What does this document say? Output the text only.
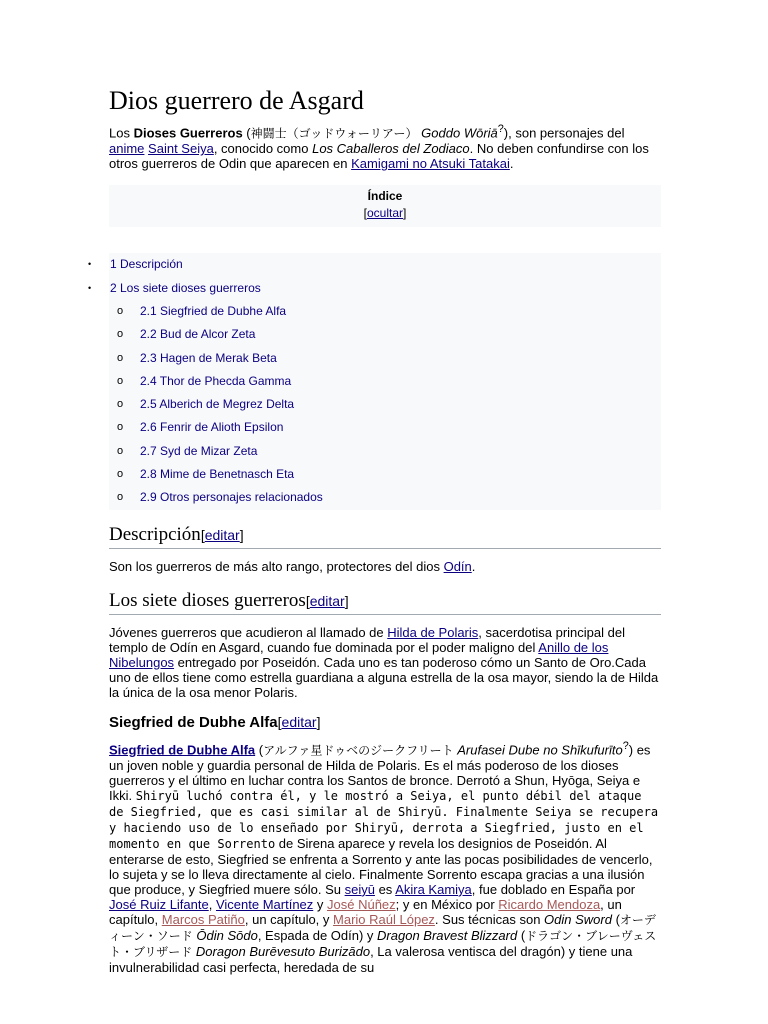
Dios guerrero de Asgard

Los Dioses Guerreros (神闘士（ゴッドウォーリアー） Goddo Wōriā?), son personajes del anime Saint Seiya, conocido como Los Caballeros del Zodiaco. No deben confundirse con los otros guerreros de Odin que aparecen en Kamigami no Atsuki Tatakai.

Índice
[ocultar]
• 1 Descripción
• 2 Los siete dioses guerreros
o 2.1 Siegfried de Dubhe Alfa
o 2.2 Bud de Alcor Zeta
o 2.3 Hagen de Merak Beta
o 2.4 Thor de Phecda Gamma
o 2.5 Alberich de Megrez Delta
o 2.6 Fenrir de Alioth Epsilon
o 2.7 Syd de Mizar Zeta
o 2.8 Mime de Benetnasch Eta
o 2.9 Otros personajes relacionados
Descripción[editar]

Son los guerreros de más alto rango, protectores del dios Odín.

Los siete dioses guerreros[editar]

Jóvenes guerreros que acudieron al llamado de Hilda de Polaris, sacerdotisa principal del templo de Odín en Asgard, cuando fue dominada por el poder maligno del Anillo de los Nibelungos entregado por Poseidón. Cada uno es tan poderoso cómo un Santo de Oro.Cada uno de ellos tiene como estrella guardiana a alguna estrella de la osa mayor, siendo la de Hilda la única de la osa menor Polaris.

Siegfried de Dubhe Alfa[editar]

Siegfried de Dubhe Alfa (アルファ星ドゥベのジークフリート Arufasei Dube no Shīkufurīto?) es un joven noble y guardia personal de Hilda de Polaris. Es el más poderoso de los dioses guerreros y el último en luchar contra los Santos de bronce. Derrotó a Shun, Hyōga, Seiya e Ikki. Shiryū luchó contra él, y le mostró a Seiya, el punto débil del ataque de Siegfried, que es casi similar al de Shiryū. Finalmente Seiya se recupera y haciendo uso de lo enseñado por Shiryū, derrota a Siegfried, justo en el momento en que Sorrento de Sirena aparece y revela los designios de Poseidón. Al enterarse de esto, Siegfried se enfrenta a Sorrento y ante las pocas posibilidades de vencerlo, lo sujeta y se lo lleva directamente al cielo. Finalmente Sorrento escapa gracias a una ilusión que produce, y Siegfried muere sólo. Su seiyū es Akira Kamiya, fue doblado en España por José Ruiz Lifante, Vicente Martínez y José Núñez; y en México por Ricardo Mendoza, un capítulo, Marcos Patiño, un capítulo, y Mario Raúl López. Sus técnicas son Odin Sword (オーディーン・ソード Ōdin Sōdo, Espada de Odín) y Dragon Bravest Blizzard (ドラゴン・ブレーヴェスト・ブリザード Doragon Burēvesuto Burizādo, La valerosa ventisca del dragón) y tiene una invulnerabilidad casi perfecta, heredada de su
